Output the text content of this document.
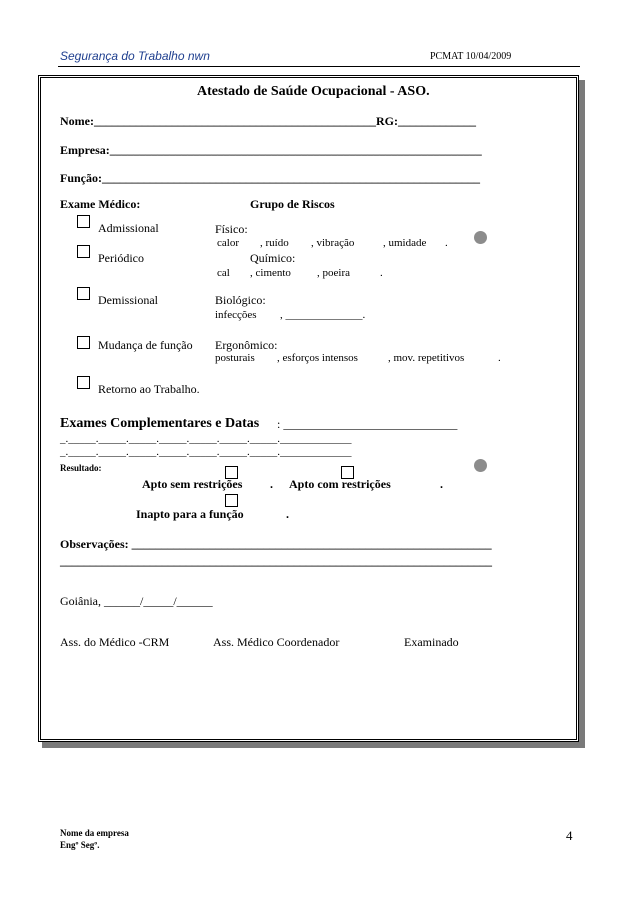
Segurança do Trabalho nwn	PCMAT 10/04/2009
Atestado de Saúde Ocupacional - ASO.
Nome:_______________________________________________RG:_____________
Empresa:______________________________________________________________
Função:_______________________________________________________________
Exame Médico:	Grupo de Riscos
Admissional	Físico:
calor , ruído , vibração	, umidade .
Periódico	Químico:
cal , cimento , poeira	.
Demissional	Biológico:
infecções , ______________.
Mudança de função Ergonômico:
posturais , esforços intensos	, mov. repetitivos	.
Retorno ao Trabalho.
Exames Complementares e Datas : _____________________________
_._____._____._____._____._____._____._____._____________
_._____._____._____._____._____._____._____._____________
Resultado:
Apto sem restrições . Apto com restrições	.
Inapto para a função	.
Observações: ____________________________________________________________
________________________________________________________________________
Goiânia, ______/_____/______
Ass. do Médico -CRM	Ass. Médico Coordenador	Examinado
Nome da empresa
Engº Segº.
4
